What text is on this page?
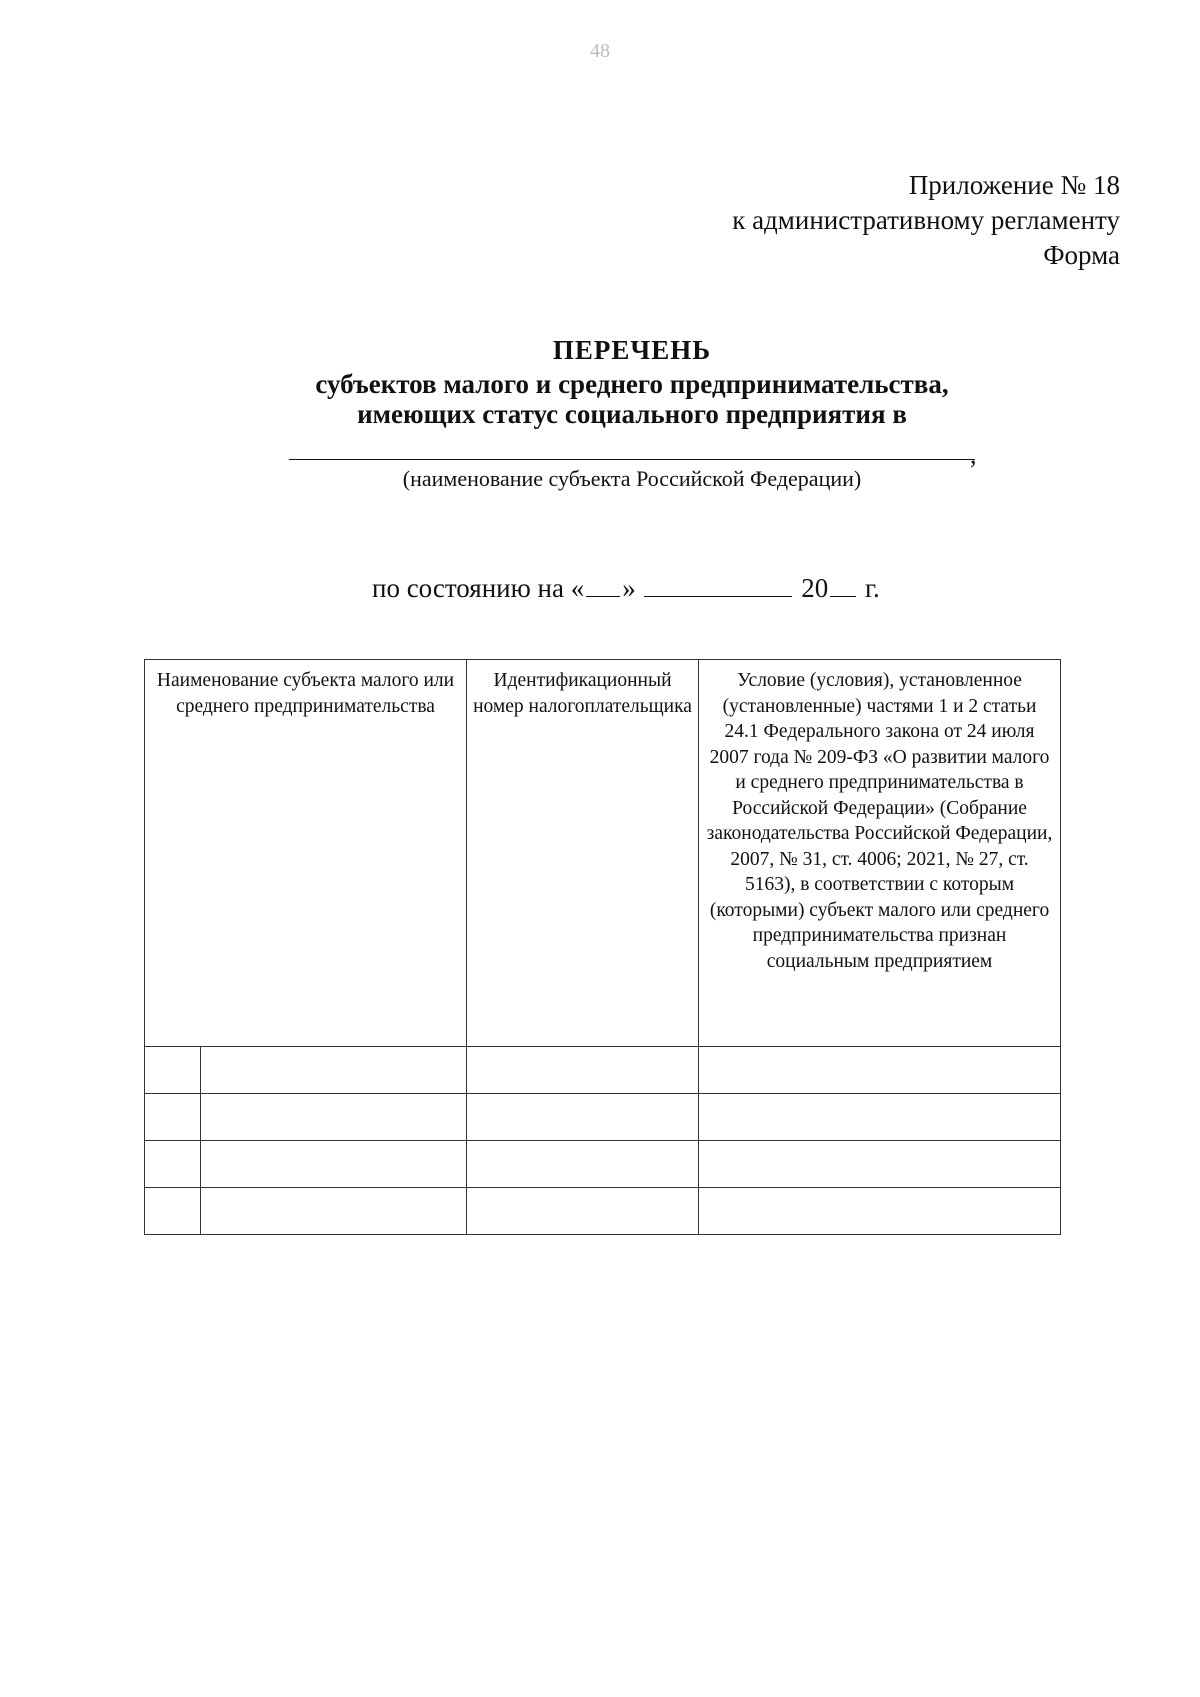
48
Приложение № 18
к административному регламенту
Форма
ПЕРЕЧЕНЬ
субъектов малого и среднего предпринимательства,
имеющих статус социального предприятия в
,
(наименование субъекта Российской Федерации)
по состоянию на « »	20 г.
Наименование субъекта малого или среднего предпринимательства		Идентификационный номер налогоплательщика	Условие (условия), установленное (установленные) частями 1 и 2 статьи 24.1 Федерального закона от 24 июля 2007 года № 209-ФЗ «О развитии малого и среднего предпринимательства в Российской Федерации» (Собрание законодательства Российской Федерации, 2007, № 31, ст. 4006; 2021, № 27, ст. 5163), в соответствии с которым (которыми) субъект малого или среднего предпринимательства признан социальным предприятием
